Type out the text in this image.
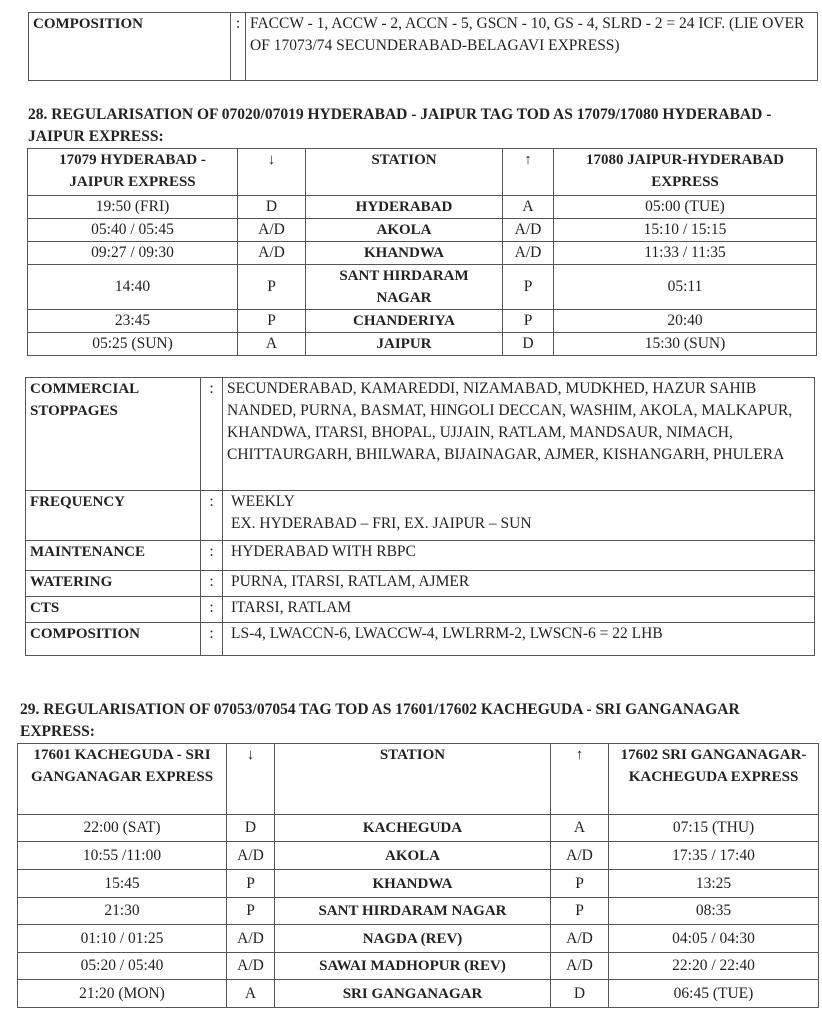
COMPOSITION	:	FACCW - 1, ACCW - 2, ACCN - 5, GSCN - 10, GS - 4, SLRD - 2 = 24 ICF. (LIE OVER OF 17073/74 SECUNDERABAD-BELAGAVI EXPRESS)

28. REGULARISATION OF 07020/07019 HYDERABAD - JAIPUR TAG TOD AS 17079/17080 HYDERABAD - JAIPUR EXPRESS:

17079 HYDERABAD - JAIPUR EXPRESS	↓	STATION	↑	17080 JAIPUR-HYDERABAD EXPRESS
19:50 (FRI)	D	HYDERABAD	A	05:00 (TUE)
05:40 / 05:45	A/D	AKOLA	A/D	15:10 / 15:15
09:27 / 09:30	A/D	KHANDWA	A/D	11:33 / 11:35
14:40	P	SANT HIRDARAM NAGAR	P	05:11
23:45	P	CHANDERIYA	P	20:40
05:25 (SUN)	A	JAIPUR	D	15:30 (SUN)
COMMERCIAL STOPPAGES	:	SECUNDERABAD, KAMAREDDI, NIZAMABAD, MUDKHED, HAZUR SAHIB NANDED, PURNA, BASMAT, HINGOLI DECCAN, WASHIM, AKOLA, MALKAPUR, KHANDWA, ITARSI, BHOPAL, UJJAIN, RATLAM, MANDSAUR, NIMACH, CHITTAURGARH, BHILWARA, BIJAINAGAR, AJMER, KISHANGARH, PHULERA

FREQUENCY	:	WEEKLY
EX. HYDERABAD – FRI, EX. JAIPUR – SUN

MAINTENANCE	:	HYDERABAD WITH RBPC

WATERING	:	PURNA, ITARSI, RATLAM, AJMER

CTS	:	ITARSI, RATLAM

COMPOSITION	:	LS-4, LWACCN-6, LWACCW-4, LWLRRM-2, LWSCN-6 = 22 LHB

29. REGULARISATION OF 07053/07054 TAG TOD AS 17601/17602 KACHEGUDA - SRI GANGANAGAR EXPRESS:

17601 KACHEGUDA - SRI GANGANAGAR EXPRESS	↓	STATION	↑	17602 SRI GANGANAGAR-KACHEGUDA EXPRESS
22:00 (SAT)	D	KACHEGUDA	A	07:15 (THU)
10:55 /11:00	A/D	AKOLA	A/D	17:35 / 17:40
15:45	P	KHANDWA	P	13:25
21:30	P	SANT HIRDARAM NAGAR	P	08:35
01:10 / 01:25	A/D	NAGDA (REV)	A/D	04:05 / 04:30
05:20 / 05:40	A/D	SAWAI MADHOPUR (REV)	A/D	22:20 / 22:40
21:20 (MON)	A	SRI GANGANAGAR	D	06:45 (TUE)
